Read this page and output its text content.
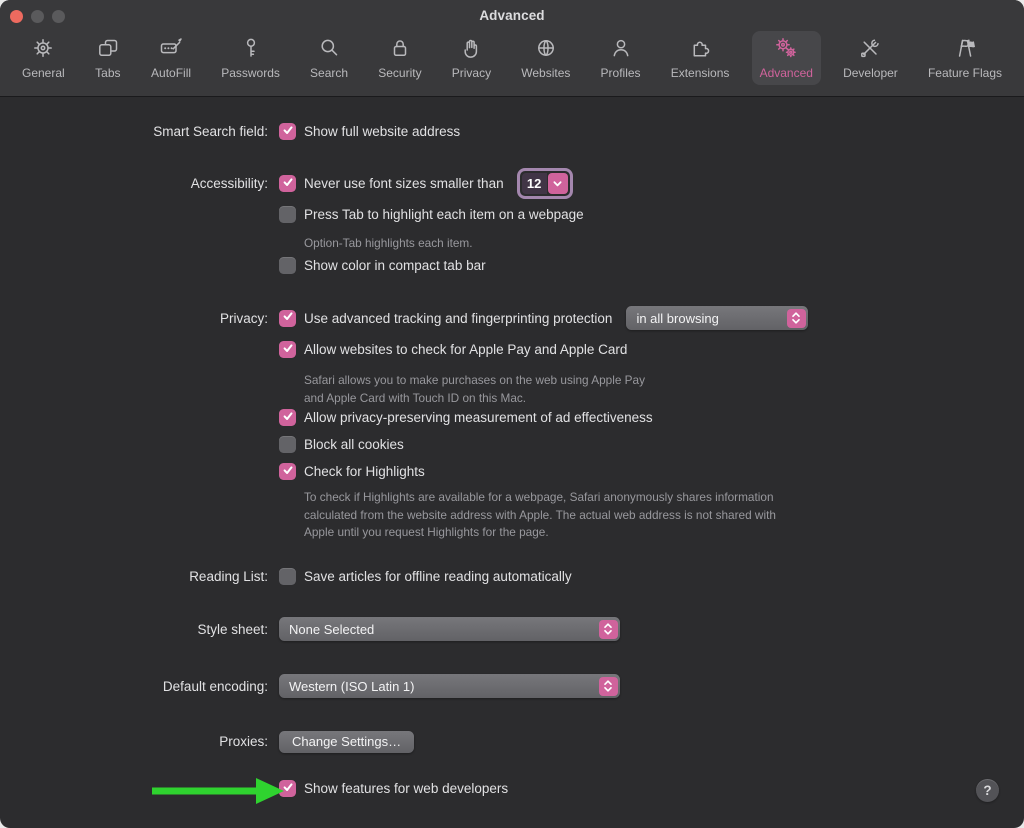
Advanced
General	Tabs	AutoFill	Passwords	Search	Security	Privacy	Websites	Profiles	Extensions	Advanced	Developer	Feature Flags
Smart Search field:	Show full website address
Accessibility:	Never use font sizes smaller than	12
Press Tab to highlight each item on a webpage
Option-Tab highlights each item.
Show color in compact tab bar
Privacy:	Use advanced tracking and fingerprinting protection in all browsing
Allow websites to check for Apple Pay and Apple Card
Safari allows you to make purchases on the web using Apple Pay
and Apple Card with Touch ID on this Mac.
Allow privacy-preserving measurement of ad effectiveness
Block all cookies
Check for Highlights
To check if Highlights are available for a webpage, Safari anonymously shares information
calculated from the website address with Apple. The actual web address is not shared with
Apple until you request Highlights for the page.
Reading List:	Save articles for offline reading automatically
Style sheet: None Selected
Default encoding: Western (ISO Latin 1)
Proxies:	Change Settings…
Show features for web developers	?
